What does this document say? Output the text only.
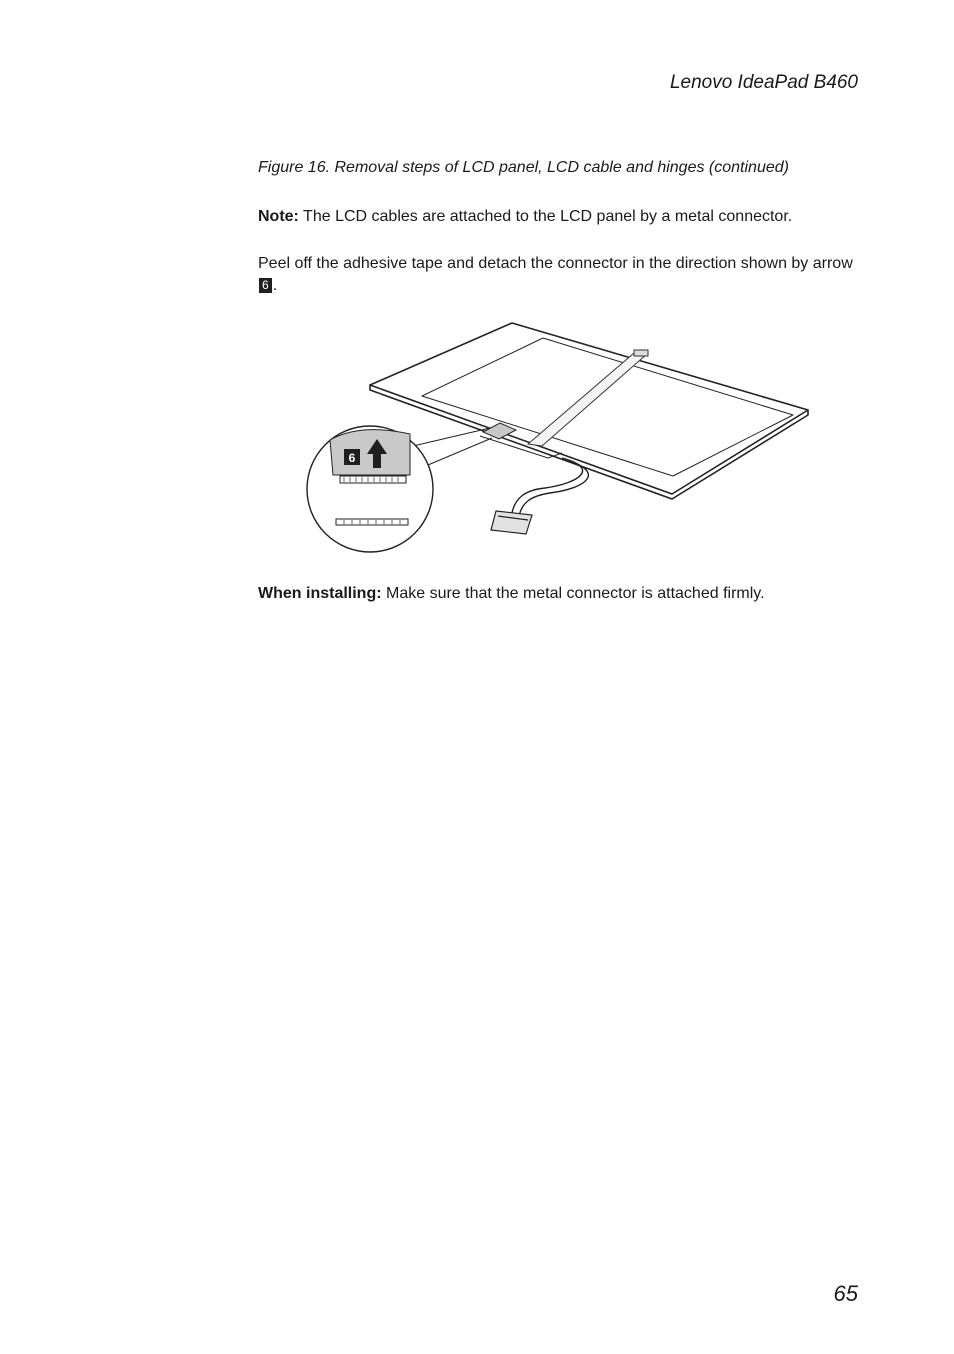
Lenovo IdeaPad B460
Figure 16. Removal steps of LCD panel, LCD cable and hinges (continued)
Note: The LCD cables are attached to the LCD panel by a metal connector.
Peel off the adhesive tape and detach the connector in the direction shown by arrow 6 .
6
When installing: Make sure that the metal connector is attached firmly.
65
